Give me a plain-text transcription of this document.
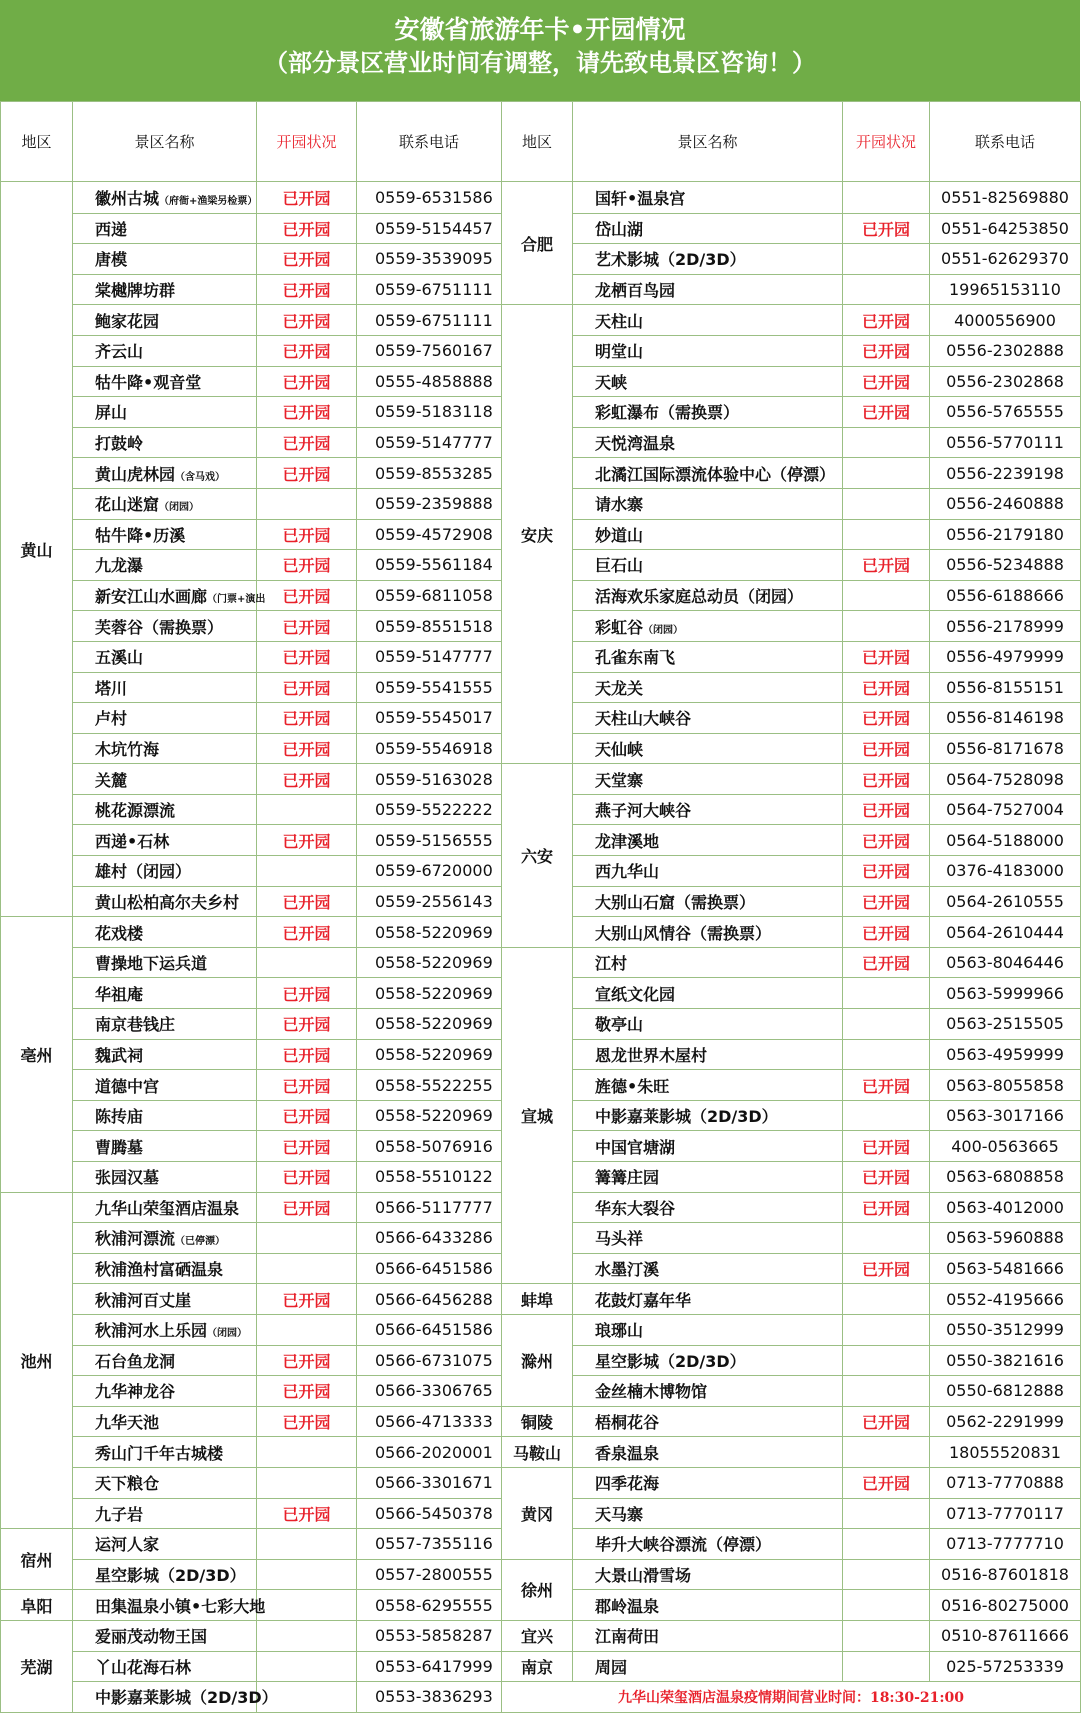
安徽省旅游年卡•开园情况
（部分景区营业时间有调整，请先致电景区咨询！）
地区	景区名称	开园状况	联系电话	地区	景区名称	开园状况	联系电话
黄山	徽州古城（府衙+渔梁另检票）	已开园	0559-6531586	合肥	国轩•温泉宫		0551-82569880
	西递	已开园	0559-5154457		岱山湖	已开园	0551-64253850
	唐模	已开园	0559-3539095		艺术影城（2D/3D）		0551-62629370
	棠樾牌坊群	已开园	0559-6751111		龙栖百鸟园		19965153110
	鲍家花园	已开园	0559-6751111	安庆	天柱山	已开园	4000556900
	齐云山	已开园	0559-7560167		明堂山	已开园	0556-2302888
	牯牛降•观音堂	已开园	0555-4858888		天峡	已开园	0556-2302868
	屏山	已开园	0559-5183118		彩虹瀑布（需换票）	已开园	0556-5765555
	打鼓岭	已开园	0559-5147777		天悦湾温泉		0556-5770111
	黄山虎林园（含马戏）	已开园	0559-8553285		北潏江国际漂流体验中心（停漂）		0556-2239198
	花山迷窟（闭园）		0559-2359888		请水寨		0556-2460888
	牯牛降•历溪	已开园	0559-4572908		妙道山		0556-2179180
	九龙瀑	已开园	0559-5561184		巨石山	已开园	0556-5234888
	新安江山水画廊（门票+演出	已开园	0559-6811058		活海欢乐家庭总动员（闭园）		0556-6188666
	芙蓉谷（需换票）	已开园	0559-8551518		彩虹谷（闭园）		0556-2178999
	五溪山	已开园	0559-5147777		孔雀东南飞	已开园	0556-4979999
	塔川	已开园	0559-5541555		天龙关	已开园	0556-8155151
	卢村	已开园	0559-5545017		天柱山大峡谷	已开园	0556-8146198
	木坑竹海	已开园	0559-5546918		天仙峡	已开园	0556-8171678
	关麓	已开园	0559-5163028	六安	天堂寨	已开园	0564-7528098
	桃花源漂流		0559-5522222		燕子河大峡谷	已开园	0564-7527004
	西递•石林	已开园	0559-5156555		龙津溪地	已开园	0564-5188000
	雄村（闭园）		0559-6720000		西九华山	已开园	0376-4183000
	黄山松柏高尔夫乡村	已开园	0559-2556143		大别山石窟（需换票）	已开园	0564-2610555
亳州	花戏楼	已开园	0558-5220969		大别山风情谷（需换票）	已开园	0564-2610444
	曹操地下运兵道		0558-5220969	宣城	江村	已开园	0563-8046446
	华祖庵	已开园	0558-5220969		宣纸文化园		0563-5999966
	南京巷钱庄	已开园	0558-5220969		敬亭山		0563-2515505
	魏武祠	已开园	0558-5220969		恩龙世界木屋村		0563-4959999
	道德中宫	已开园	0558-5522255		旌德•朱旺	已开园	0563-8055858
	陈抟庙	已开园	0558-5220969		中影嘉莱影城（2D/3D）		0563-3017166
	曹腾墓	已开园	0558-5076916		中国官塘湖	已开园	400-0563665
	张园汉墓	已开园	0558-5510122		篝篝庄园	已开园	0563-6808858
池州	九华山荣玺酒店温泉	已开园	0566-5117777		华东大裂谷	已开园	0563-4012000
	秋浦河漂流（已停漂）		0566-6433286		马头祥		0563-5960888
	秋浦渔村富硒温泉		0566-6451586		水墨汀溪	已开园	0563-5481666
	秋浦河百丈崖	已开园	0566-6456288	蚌埠	花鼓灯嘉年华		0552-4195666
	秋浦河水上乐园（闭园）		0566-6451586	滁州	琅琊山		0550-3512999
	石台鱼龙洞	已开园	0566-6731075		星空影城（2D/3D）		0550-3821616
	九华神龙谷	已开园	0566-3306765		金丝楠木博物馆		0550-6812888
	九华天池	已开园	0566-4713333	铜陵	梧桐花谷	已开园	0562-2291999
	秀山门千年古城楼		0566-2020001	马鞍山	香泉温泉		18055520831
	天下粮仓		0566-3301671	黄冈	四季花海	已开园	0713-7770888
	九子岩	已开园	0566-5450378		天马寨		0713-7770117
宿州	运河人家		0557-7355116		毕升大峡谷漂流（停漂）		0713-7777710
	星空影城（2D/3D）		0557-2800555	徐州	大景山滑雪场		0516-87601818
阜阳	田集温泉小镇•七彩大地		0558-6295555		郡岭温泉		0516-80275000
芜湖	爱丽茂动物王国		0553-5858287	宜兴	江南荷田		0510-87611666
	丫山花海石林		0553-6417999	南京	周园		025-57253339
	中影嘉莱影城（2D/3D）		0553-3836293	九华山荣玺酒店温泉疫情期间营业时间：18:30-21:00			
